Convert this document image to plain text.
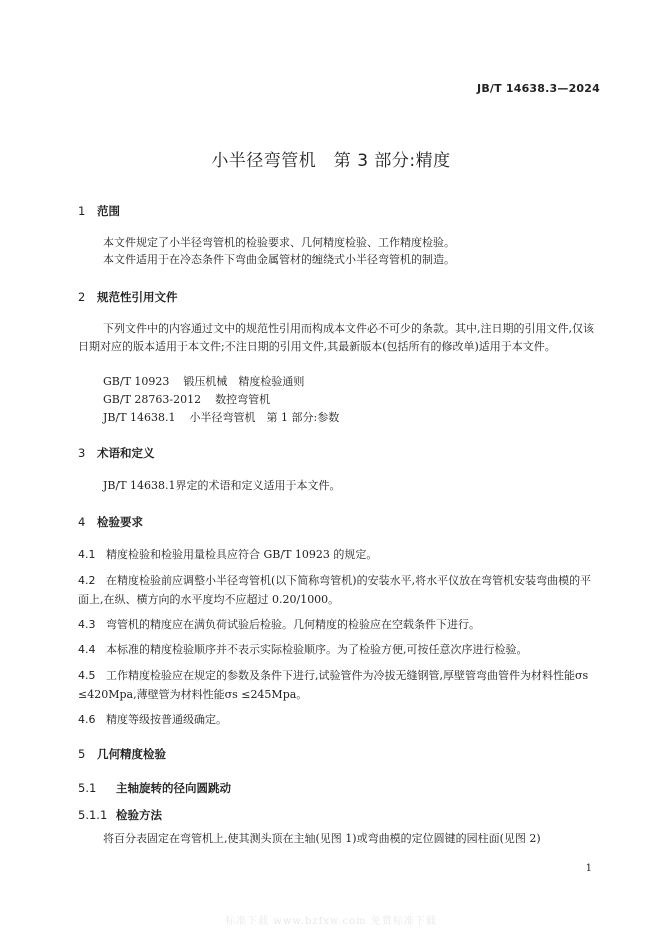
JB/T 14638.3—2024
小半径弯管机　第 3 部分:精度
1 范围
本文件规定了小半径弯管机的检验要求、几何精度检验、工作精度检验。
本文件适用于在冷态条件下弯曲金属管材的缠绕式小半径弯管机的制造。
2 规范性引用文件
下列文件中的内容通过文中的规范性引用而构成本文件必不可少的条款。其中,注日期的引用文件,仅该日期对应的版本适用于本文件;不注日期的引用文件,其最新版本(包括所有的修改单)适用于本文件。
GB/T 10923 锻压机械　精度检验通则
GB/T 28763-2012 数控弯管机
JB/T 14638.1 小半径弯管机　第 1 部分:参数
3 术语和定义
JB/T 14638.1界定的术语和定义适用于本文件。
4 检验要求
4.1 精度检验和检验用量检具应符合 GB/T 10923 的规定。
4.2 在精度检验前应调整小半径弯管机(以下简称弯管机)的安装水平,将水平仪放在弯管机安装弯曲模的平面上,在纵、横方向的水平度均不应超过 0.20/1000。
4.3 弯管机的精度应在满负荷试验后检验。几何精度的检验应在空载条件下进行。
4.4 本标准的精度检验顺序并不表示实际检验顺序。为了检验方便,可按任意次序进行检验。
4.5 工作精度检验应在规定的参数及条件下进行,试验管件为冷拔无缝钢管,厚壁管弯曲管件为材料性能σs ≤420Mpa,薄壁管为材料性能σs ≤245Mpa。
4.6 精度等级按普通级确定。
5 几何精度检验
5.1 主轴旋转的径向圆跳动
5.1.1 检验方法
将百分表固定在弯管机上,使其测头顶在主轴(见图 1)或弯曲模的定位圆键的园柱面(见图 2)
1
标准下载 www.bzfxw.com 免费标准下载
